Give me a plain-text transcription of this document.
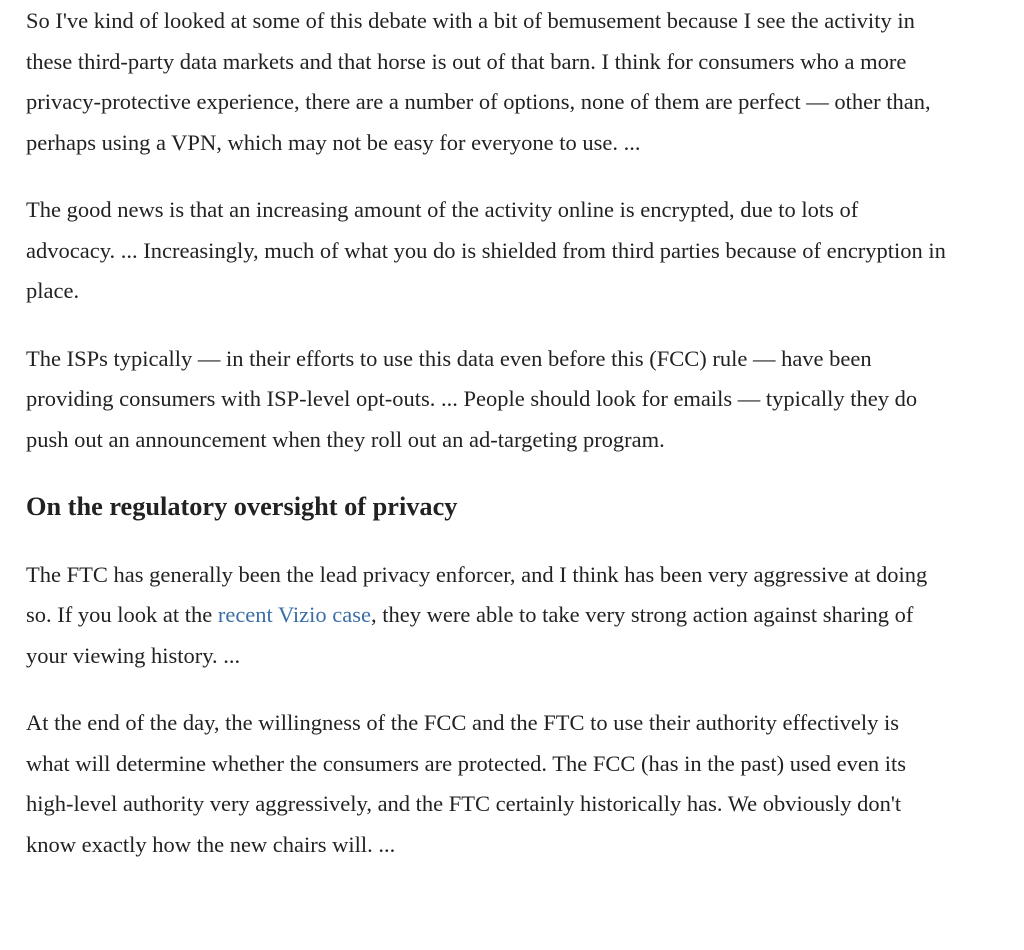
So I've kind of looked at some of this debate with a bit of bemusement because I see the activity in these third-party data markets and that horse is out of that barn. I think for consumers who a more privacy-protective experience, there are a number of options, none of them are perfect — other than, perhaps using a VPN, which may not be easy for everyone to use. ...

The good news is that an increasing amount of the activity online is encrypted, due to lots of advocacy. ... Increasingly, much of what you do is shielded from third parties because of encryption in place.

The ISPs typically — in their efforts to use this data even before this (FCC) rule — have been providing consumers with ISP-level opt-outs. ... People should look for emails — typically they do push out an announcement when they roll out an ad-targeting program.

On the regulatory oversight of privacy

The FTC has generally been the lead privacy enforcer, and I think has been very aggressive at doing so. If you look at the recent Vizio case, they were able to take very strong action against sharing of your viewing history. ...

At the end of the day, the willingness of the FCC and the FTC to use their authority effectively is what will determine whether the consumers are protected. The FCC (has in the past) used even its high-level authority very aggressively, and the FTC certainly historically has. We obviously don't know exactly how the new chairs will. ...
